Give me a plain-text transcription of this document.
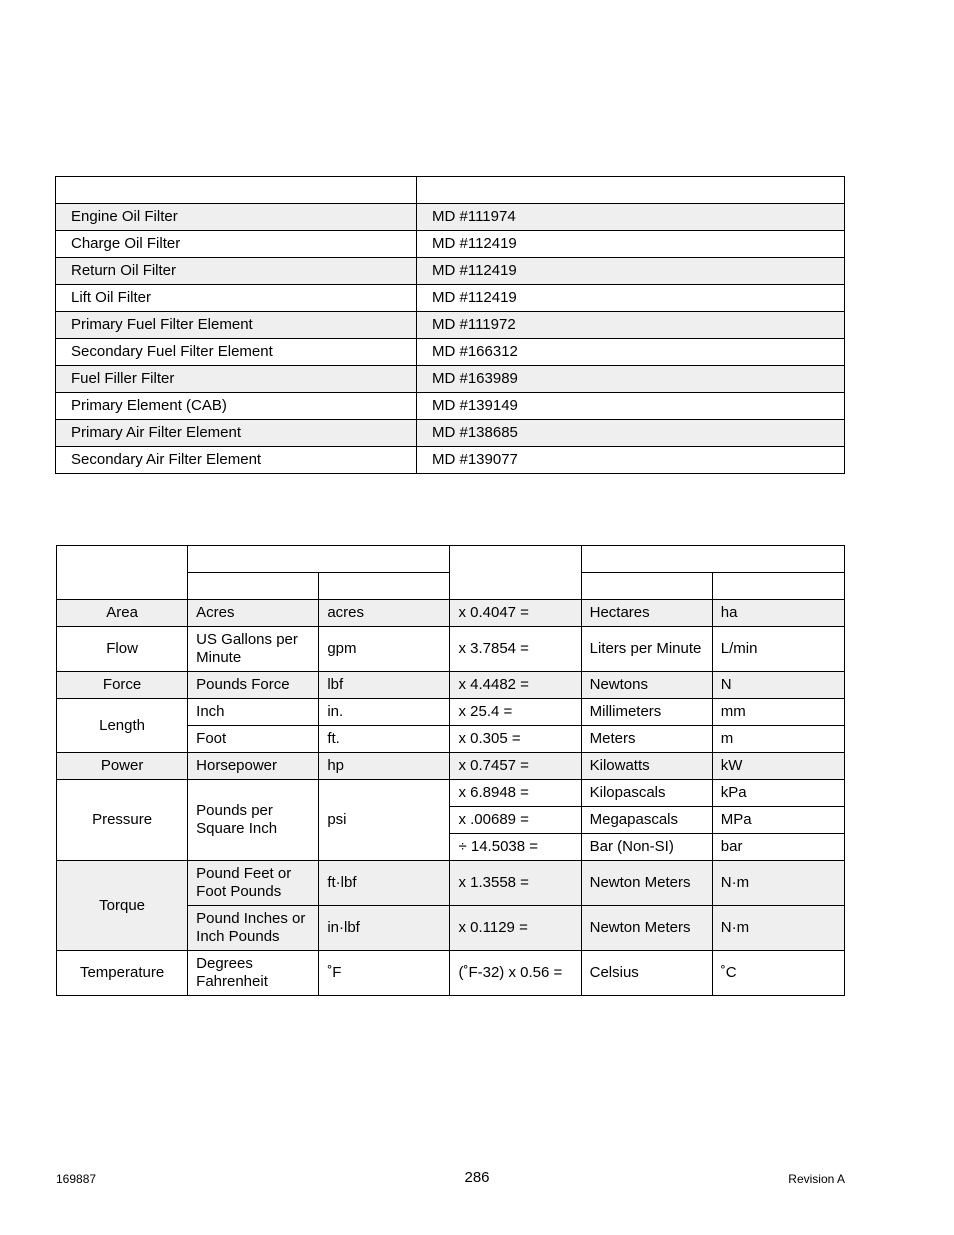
Engine Oil Filter	MD #111974
Charge Oil Filter	MD #112419
Return Oil Filter	MD #112419
Lift Oil Filter	MD #112419
Primary Fuel Filter Element	MD #111972
Secondary Fuel Filter Element	MD #166312
Fuel Filler Filter	MD #163989
Primary Element (CAB)	MD #139149
Primary Air Filter Element	MD #138685
Secondary Air Filter Element	MD #139077

Area	Acres	acres	x 0.4047 =	Hectares	ha
Flow	US Gallons per Minute	gpm	x 3.7854 =	Liters per Minute	L/min
Force	Pounds Force	lbf	x 4.4482 =	Newtons	N
Length	Inch	in.	x 25.4 =	Millimeters	mm
	Foot	ft.	x 0.305 =	Meters	m
Power	Horsepower	hp	x 0.7457 =	Kilowatts	kW
Pressure	Pounds per Square Inch	psi	x 6.8948 =	Kilopascals	kPa
			x .00689 =	Megapascals	MPa
			÷ 14.5038 =	Bar (Non-SI)	bar
Torque	Pound Feet or Foot Pounds	ft·lbf	x 1.3558 =	Newton Meters	N·m
	Pound Inches or Inch Pounds	in·lbf	x 0.1129 =	Newton Meters	N·m
Temperature	Degrees Fahrenheit	˚F	(˚F-32) x 0.56 =	Celsius	˚C
169887	286	Revision A
